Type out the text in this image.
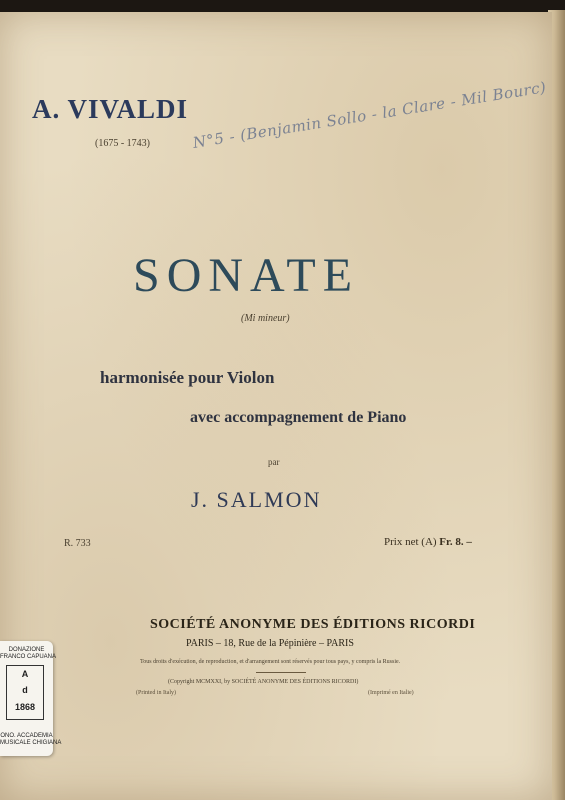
A. VIVALDI
(1675 - 1743)	N°5 - (Benjamin Sollo - la Clare - Mil Bourc)
SONATE
(Mi mineur)
harmonisée pour Violon
avec accompagnement de Piano
par
J. SALMON
R. 733	Prix net (A) Fr. 8. –
SOCIÉTÉ ANONYME DES ÉDITIONS RICORDI
PARIS – 18, Rue de la Pépinière – PARIS
Tous droits d'exécution, de reproduction, et d'arrangement sont réservés pour tous pays, y compris la Russie.
(Copyright MCMXXI, by SOCIÉTÉ ANONYME DES ÉDITIONS RICORDI)
(Printed in Italy)	(Imprimé en Italie)
DONAZIONE
FRANCO CAPUANA
A
d
1868
ONO. ACCADEMIA
MUSICALE CHIGIANA
